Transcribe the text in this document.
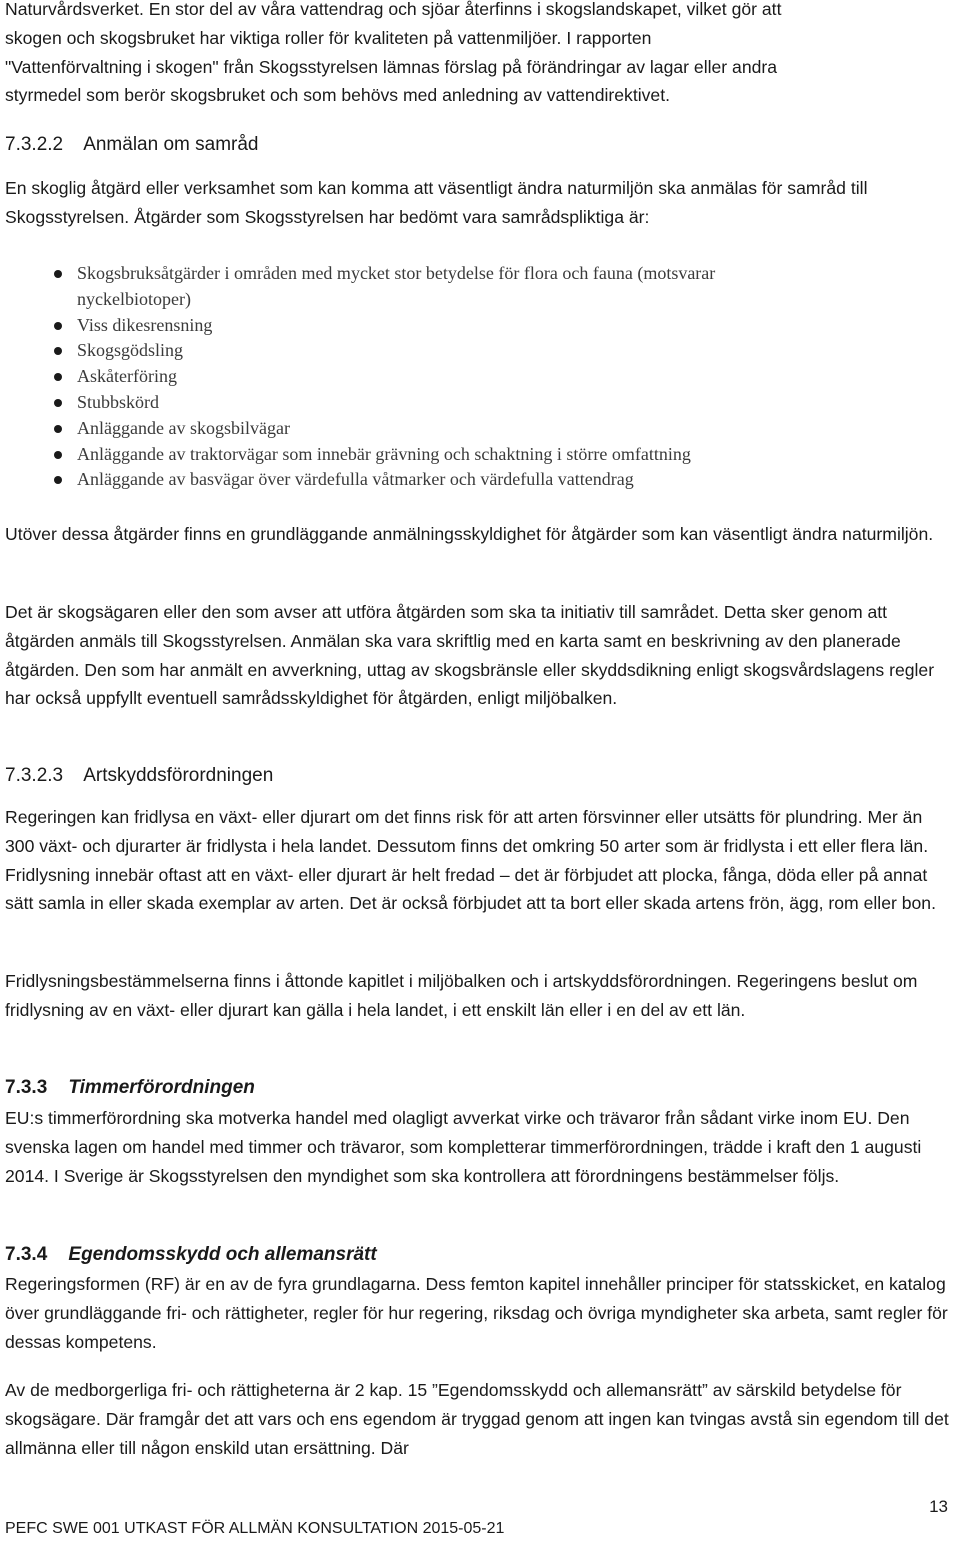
Naturvårdsverket. En stor del av våra vattendrag och sjöar återfinns i skogslandskapet, vilket gör att
skogen och skogsbruket har viktiga roller för kvaliteten på vattenmiljöer. I rapporten
"Vattenförvaltning i skogen" från Skogsstyrelsen lämnas förslag på förändringar av lagar eller andra
styrmedel som berör skogsbruket och som behövs med anledning av vattendirektivet.
7.3.2.2 Anmälan om samråd

En skoglig åtgärd eller verksamhet som kan komma att väsentligt ändra naturmiljön ska anmälas för samråd till Skogsstyrelsen. Åtgärder som Skogsstyrelsen har bedömt vara samrådspliktiga är:

Skogsbruksåtgärder i områden med mycket stor betydelse för flora och fauna (motsvarar
nyckelbiotoper)
Viss dikesrensning
Skogsgödsling
Askåterföring
Stubbskörd
Anläggande av skogsbilvägar
Anläggande av traktorvägar som innebär grävning och schaktning i större omfattning
Anläggande av basvägar över värdefulla våtmarker och värdefulla vattendrag

Utöver dessa åtgärder finns en grundläggande anmälningsskyldighet för åtgärder som kan väsentligt ändra naturmiljön.

Det är skogsägaren eller den som avser att utföra åtgärden som ska ta initiativ till samrådet. Detta sker genom att åtgärden anmäls till Skogsstyrelsen. Anmälan ska vara skriftlig med en karta samt en beskrivning av den planerade åtgärden. Den som har anmält en avverkning, uttag av skogsbränsle eller skyddsdikning enligt skogsvårdslagens regler har också uppfyllt eventuell samrådsskyldighet för åtgärden, enligt miljöbalken.

7.3.2.3 Artskyddsförordningen

Regeringen kan fridlysa en växt- eller djurart om det finns risk för att arten försvinner eller utsätts för plundring. Mer än 300 växt- och djurarter är fridlysta i hela landet. Dessutom finns det omkring 50 arter som är fridlysta i ett eller flera län. Fridlysning innebär oftast att en växt- eller djurart är helt fredad – det är förbjudet att plocka, fånga, döda eller på annat sätt samla in eller skada exemplar av arten. Det är också förbjudet att ta bort eller skada artens frön, ägg, rom eller bon.

Fridlysningsbestämmelserna finns i åttonde kapitlet i miljöbalken och i artskyddsförordningen. Regeringens beslut om fridlysning av en växt- eller djurart kan gälla i hela landet, i ett enskilt län eller i en del av ett län.

7.3.3 Timmerförordningen

EU:s timmerförordning ska motverka handel med olagligt avverkat virke och trävaror från sådant virke inom EU. Den svenska lagen om handel med timmer och trävaror, som kompletterar timmerförordningen, trädde i kraft den 1 augusti 2014. I Sverige är Skogsstyrelsen den myndighet som ska kontrollera att förordningens bestämmelser följs.

7.3.4 Egendomsskydd och allemansrätt

Regeringsformen (RF) är en av de fyra grundlagarna. Dess femton kapitel innehåller principer för statsskicket, en katalog över grundläggande fri- och rättigheter, regler för hur regering, riksdag och övriga myndigheter ska arbeta, samt regler för dessas kompetens.

Av de medborgerliga fri- och rättigheterna är 2 kap. 15 ”Egendomsskydd och allemansrätt” av särskild betydelse för skogsägare. Där framgår det att vars och ens egendom är tryggad genom att ingen kan tvingas avstå sin egendom till det allmänna eller till någon enskild utan ersättning. Där

13
PEFC SWE 001 UTKAST FÖR ALLMÄN KONSULTATION 2015-05-21
